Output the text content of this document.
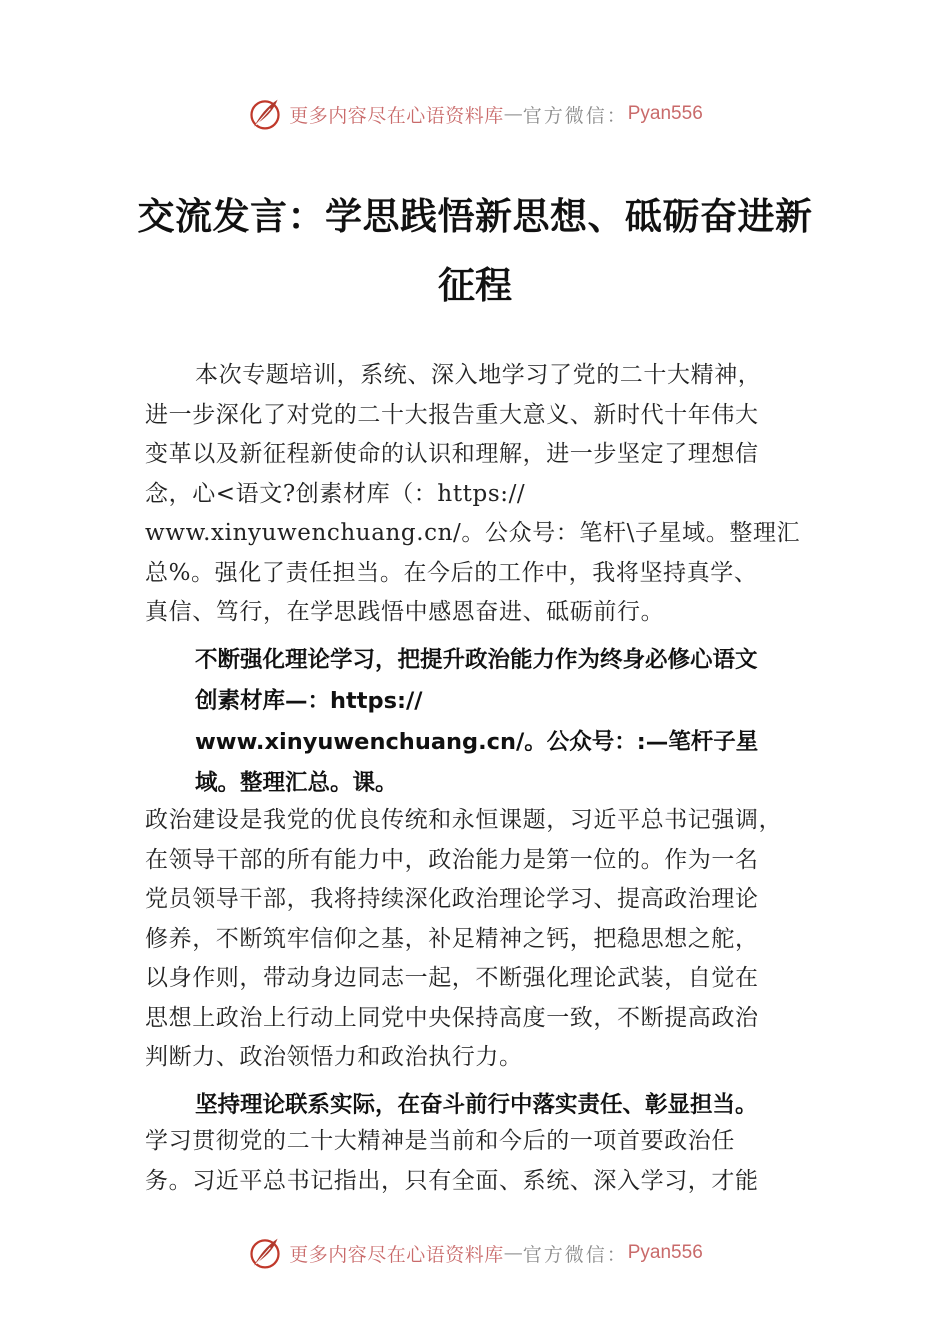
更多内容尽在心语资料库 — 官方微信： Pyan556
交流发言：学思践悟新思想、砥砺奋进新
征程
本次专题培训，系统、深入地学习了党的二十大精神，
进一步深化了对党的二十大报告重大意义、新时代十年伟大
变革以及新征程新使命的认识和理解，进一步坚定了理想信
念，心<语文?创素材库（：https://
www.xinyuwenchuang.cn/。公众号：笔杆\子星域。整理汇
总%。强化了责任担当。在今后的工作中，我将坚持真学、
真信、笃行，在学思践悟中感恩奋进、砥砺前行。
不断强化理论学习，把提升政治能力作为终身必修心语文
创素材库—：https://
www.xinyuwenchuang.cn/。公众号：:—笔杆子星
域。整理汇总。课。
政治建设是我党的优良传统和永恒课题，习近平总书记强调，
在领导干部的所有能力中，政治能力是第一位的。作为一名
党员领导干部，我将持续深化政治理论学习、提高政治理论
修养，不断筑牢信仰之基，补足精神之钙，把稳思想之舵，
以身作则，带动身边同志一起，不断强化理论武装，自觉在
思想上政治上行动上同党中央保持高度一致，不断提高政治
判断力、政治领悟力和政治执行力。
坚持理论联系实际，在奋斗前行中落实责任、彰显担当。
学习贯彻党的二十大精神是当前和今后的一项首要政治任
务。习近平总书记指出，只有全面、系统、深入学习，才能
更多内容尽在心语资料库 — 官方微信： Pyan556
